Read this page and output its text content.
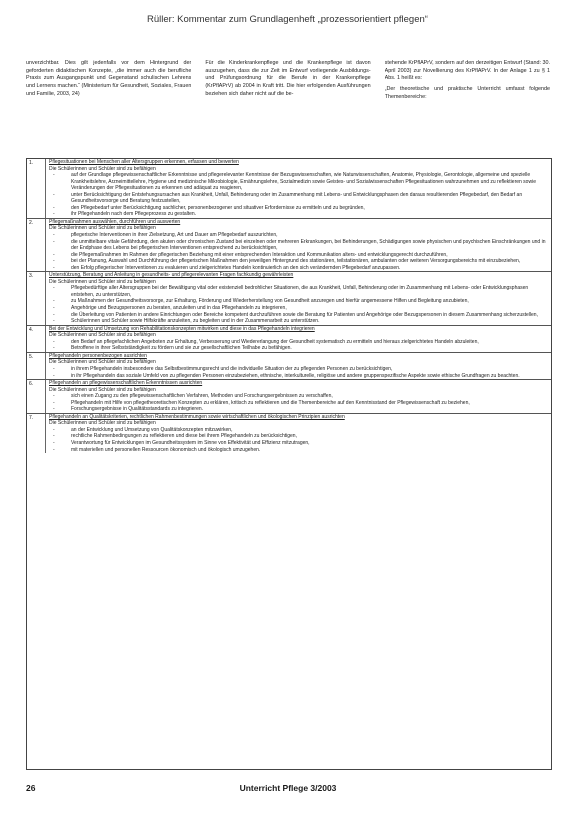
Rüller: Kommentar zum Grundlagenheft „prozessorientiert pflegen“

unverzichtbar. Dies gilt jedenfalls vor dem Hintergrund der geforderten didaktischen Konzepte, „die immer auch die berufliche Praxis zum Ausgangspunkt und Gegenstand schulischen Lehrens und Lernens machen.“ (Ministerium für Gesundheit, Soziales, Frauen und Familie, 2003, 24)

Für die Kinderkrankenpflege und die Krankenpflege ist davon auszugehen, dass die zur Zeit im Entwurf vorliegende Ausbildungs- und Prüfungsordnung für die Berufe in der Krankenpflege (KrPflAPrV) ab 2004 in Kraft tritt. Die hier erfolgenden Ausführungen beziehen sich daher nicht auf die be-

stehende KrPflAPrV, sondern auf den derzeitigen Entwurf (Stand: 30. April 2003) zur Novellierung des KrPflAPrV. In der Anlage 1 zu § 1 Abs. 1 heißt es:

„Der theoretische und praktische Unterricht umfasst folgende Themenbereiche:

1.	Pflegesituationen bei Menschen aller Altersgruppen erkennen, erfassen und bewerten
Die Schülerinnen und Schüler sind zu befähigen
-	auf der Grundlage pflegewissenschaftlicher Erkenntnisse und pflegerelevanter Kenntnisse der Bezugswissenschaften, wie Naturwissenschaften, Anatomie, Physiologie, Gerontologie, allgemeine und spezielle Krankheitslehre, Arzneimittellehre, Hygiene und medizinische Mikrobiologie, Ernährungslehre, Sozialmedizin sowie Geistes- und Sozialwissenschaften Pflegesituationen wahrzunehmen und zu reflektieren sowie Veränderungen der Pflegesituationen zu erkennen und adäquat zu reagieren,
-	unter Berücksichtigung der Entstehungsursachen aus Krankheit, Unfall, Behinderung oder im Zusammenhang mit Lebens- und Entwicklungsphasen den daraus resultierenden Pflegebedarf, den Bedarf an Gesundheitsvorsorge und Beratung festzustellen,
-	den Pflegebedarf unter Berücksichtigung sachlicher, personenbezogener und situativer Erfordernisse zu ermitteln und zu begründen,
-	ihr Pflegehandeln nach dem Pflegeprozess zu gestalten.
2.	Pflegemaßnahmen auswählen, durchführen und auswerten
Die Schülerinnen und Schüler sind zu befähigen
-	pflegerische Interventionen in ihrer Zielsetzung, Art und Dauer am Pflegebedarf auszurichten,
-	die unmittelbare vitale Gefährdung, den akuten oder chronischen Zustand bei einzelnen oder mehreren Erkrankungen, bei Behinderungen, Schädigungen sowie physischen und psychischen Einschränkungen und in der Endphase des Lebens bei pflegerischen Interventionen entsprechend zu berücksichtigen,
-	die Pflegemaßnahmen im Rahmen der pflegerischen Beziehung mit einer entsprechenden Interaktion und Kommunikation alters- und entwicklungsgerecht durchzuführen,
-	bei der Planung, Auswahl und Durchführung der pflegerischen Maßnahmen den jeweiligen Hintergrund des stationären, teilstationären, ambulanten oder weiteren Versorgungsbereichs mit einzubeziehen,
-	den Erfolg pflegerischer Interventionen zu evaluieren und zielgerichtetes Handeln kontinuierlich an den sich verändernden Pflegebedarf anzupassen.
3.	Unterstützung, Beratung und Anleitung in gesundheits- und pflegerelevanten Fragen fachkundig gewährleisten
Die Schülerinnen und Schüler sind zu befähigen
-	Pflegebedürftige aller Altersgruppen bei der Bewältigung vital oder existenziell bedrohlicher Situationen, die aus Krankheit, Unfall, Behinderung oder im Zusammenhang mit Lebens- oder Entwicklungsphasen entstehen, zu unterstützen,
-	zu Maßnahmen der Gesundheitsvorsorge, zur Erhaltung, Förderung und Wiederherstellung von Gesundheit anzuregen und hierfür angemessene Hilfen und Begleitung anzubieten,
-	Angehörige und Bezugspersonen zu beraten, anzuleiten und in das Pflegehandeln zu integrieren,
-	die Überleitung von Patienten in andere Einrichtungen oder Bereiche kompetent durchzuführen sowie die Beratung für Patienten und Angehörige oder Bezugspersonen in diesem Zusammenhang sicherzustellen,
-	Schülerinnen und Schüler sowie Hilfskräfte anzuleiten, zu begleiten und in der Zusammenarbeit zu unterstützen.
4.	Bei der Entwicklung und Umsetzung von Rehabilitationskonzepten mitwirken und diese in das Pflegehandeln integrieren
Die Schülerinnen und Schüler sind zu befähigen
-	den Bedarf an pflegefachlichen Angeboten zur Erhaltung, Verbesserung und Wiedererlangung der Gesundheit systematisch zu ermitteln und hieraus zielgerichtetes Handeln abzuleiten,
-	Betroffene in ihrer Selbstständigkeit zu fördern und sie zur gesellschaftlichen Teilhabe zu befähigen.
5.	Pflegehandeln personenbezogen ausrichten
Die Schülerinnen und Schüler sind zu befähigen
-	in ihrem Pflegehandeln insbesondere das Selbstbestimmungsrecht und die individuelle Situation der zu pflegenden Personen zu berücksichtigen,
-	in ihr Pflegehandeln das soziale Umfeld von zu pflegenden Personen einzubeziehen, ethnische, interkulturelle, religiöse und andere gruppenspezifische Aspekte sowie ethische Grundfragen zu beachten.
6.	Pflegehandeln an pflegewissenschaftlichen Erkenntnissen ausrichten
Die Schülerinnen und Schüler sind zu befähigen
-	sich einen Zugang zu den pflegewissenschaftlichen Verfahren, Methoden und Forschungsergebnissen zu verschaffen,
-	Pflegehandeln mit Hilfe von pflegetheoretischen Konzepten zu erklären, kritisch zu reflektieren und die Themenbereiche auf den Kenntnisstand der Pflegewissenschaft zu beziehen,
-	Forschungsergebnisse in Qualitätsstandards zu integrieren.
7.	Pflegehandeln an Qualitätskriterien, rechtlichen Rahmenbestimmungen sowie wirtschaftlichen und ökologischen Prinzipien ausrichten
Die Schülerinnen und Schüler sind zu befähigen
-	an der Entwicklung und Umsetzung von Qualitätskonzepten mitzuwirken,
-	rechtliche Rahmenbedingungen zu reflektieren und diese bei ihrem Pflegehandeln zu berücksichtigen,
-	Verantwortung für Entwicklungen im Gesundheitssystem im Sinne von Effektivität und Effizienz mitzutragen,
-	mit materiellen und personellen Ressourcen ökonomisch und ökologisch umzugehen.
26	Unterricht Pflege 3/2003
